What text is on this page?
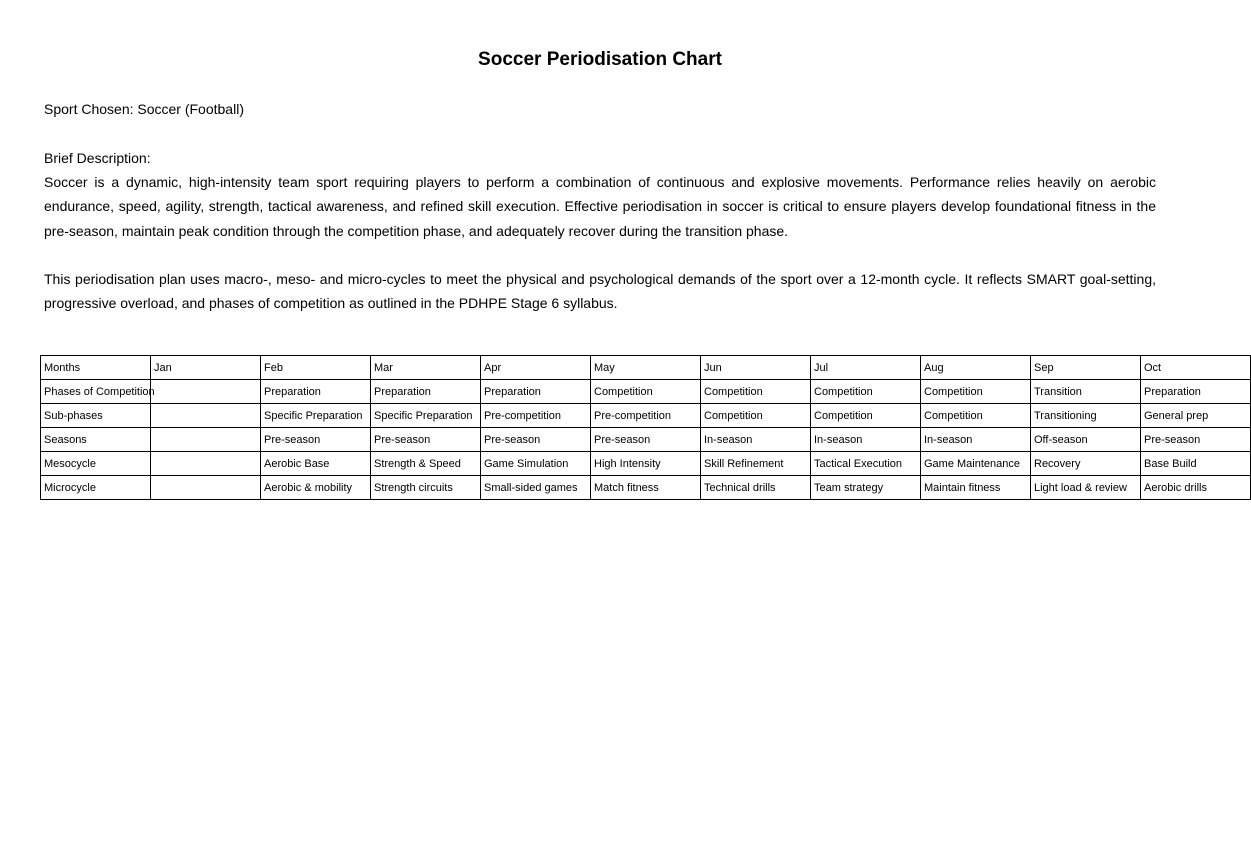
Soccer Periodisation Chart
Sport Chosen: Soccer (Football)
Brief Description:
Soccer is a dynamic, high-intensity team sport requiring players to perform a combination of continuous and explosive movements. Performance relies heavily on aerobic endurance, speed, agility, strength, tactical awareness, and refined skill execution. Effective periodisation in soccer is critical to ensure players develop foundational fitness in the pre-season, maintain peak condition through the competition phase, and adequately recover during the transition phase.
This periodisation plan uses macro-, meso- and micro-cycles to meet the physical and psychological demands of the sport over a 12-month cycle. It reflects SMART goal-setting, progressive overload, and phases of competition as outlined in the PDHPE Stage 6 syllabus.
Months	Jan	Feb	Mar	Apr	May	Jun	Jul	Aug	Sep	Oct
Phases of Competition		Preparation	Preparation	Preparation	Competition	Competition	Competition	Competition	Transition	Preparation
Sub-phases		Specific Preparation	Specific Preparation	Pre-competition	Pre-competition	Competition	Competition	Competition	Transitioning	General prep
Seasons		Pre-season	Pre-season	Pre-season	Pre-season	In-season	In-season	In-season	Off-season	Pre-season
Mesocycle		Aerobic Base	Strength & Speed	Game Simulation	High Intensity	Skill Refinement	Tactical Execution	Game Maintenance	Recovery	Base Build
Microcycle		Aerobic & mobility	Strength circuits	Small-sided games	Match fitness	Technical drills	Team strategy	Maintain fitness	Light load & review	Aerobic drills
